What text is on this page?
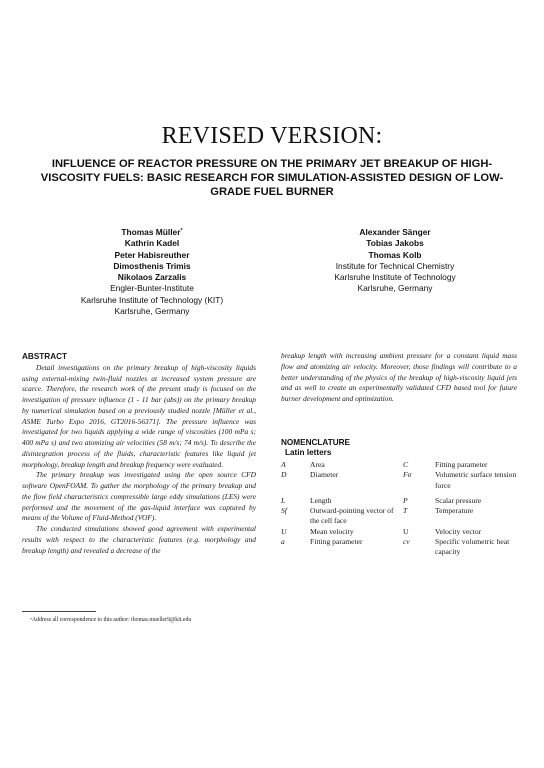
REVISED VERSION:
INFLUENCE OF REACTOR PRESSURE ON THE PRIMARY JET BREAKUP OF HIGH-VISCOSITY FUELS: BASIC RESEARCH FOR SIMULATION-ASSISTED DESIGN OF LOW-GRADE FUEL BURNER
Thomas Müller*
Kathrin Kadel
Peter Habisreuther
Dimosthenis Trimis
Nikolaos Zarzalis
Engler-Bunter-Institute
Karlsruhe Institute of Technology (KIT)
Karlsruhe, Germany
Alexander Sänger
Tobias Jakobs
Thomas Kolb
Institute for Technical Chemistry
Karlsruhe Institute of Technology
Karlsruhe, Germany
ABSTRACT

Detail investigations on the primary breakup of high-viscosity liquids using external-mixing twin-fluid nozzles at increased system pressure are scarce. Therefore, the research work of the present study is focused on the investigation of pressure influence (1 - 11 bar (abs)) on the primary breakup by numerical simulation based on a previously studied nozzle [Müller et al., ASME Turbo Expo 2016, GT2016-56371]. The pressure influence was investigated for two liquids applying a wide range of viscosities (100 mPa s; 400 mPa s) and two atomizing air velocities (58 m/s; 74 m/s). To describe the disintegration process of the fluids, characteristic features like liquid jet morphology, breakup length and breakup frequency were evaluated.

The primary breakup was investigated using the open source CFD software OpenFOAM. To gather the morphology of the primary breakup and the flow field characteristics compressible large eddy simulations (LES) were performed and the movement of the gas-liquid interface was captured by means of the Volume of Fluid-Method (VOF).

The conducted simulations showed good agreement with experimental results with respect to the characteristic features (e.g. morphology and breakup length) and revealed a decrease of the

breakup length with increasing ambient pressure for a constant liquid mass flow and atomizing air velocity. Moreover, those findings will contribute to a better understanding of the physics of the breakup of high-viscosity liquid jets and as well to create an experimentally validated CFD based tool for future burner development and optimization.

NOMENCLATURE
Latin letters
A	Area	C	Fitting parameter
D	Diameter	Fσ	Volumetric surface tension force

L	Length	P	Scalar pressure
Sf	Outward-pointing vector of the cell face	T	Temperature
U	Mean velocity	U	Velocity vector
a	Fitting parameter	cv	Specific volumetric heat capacity
*Address all correspondence to this author: thomas.mueller9@kit.edu
